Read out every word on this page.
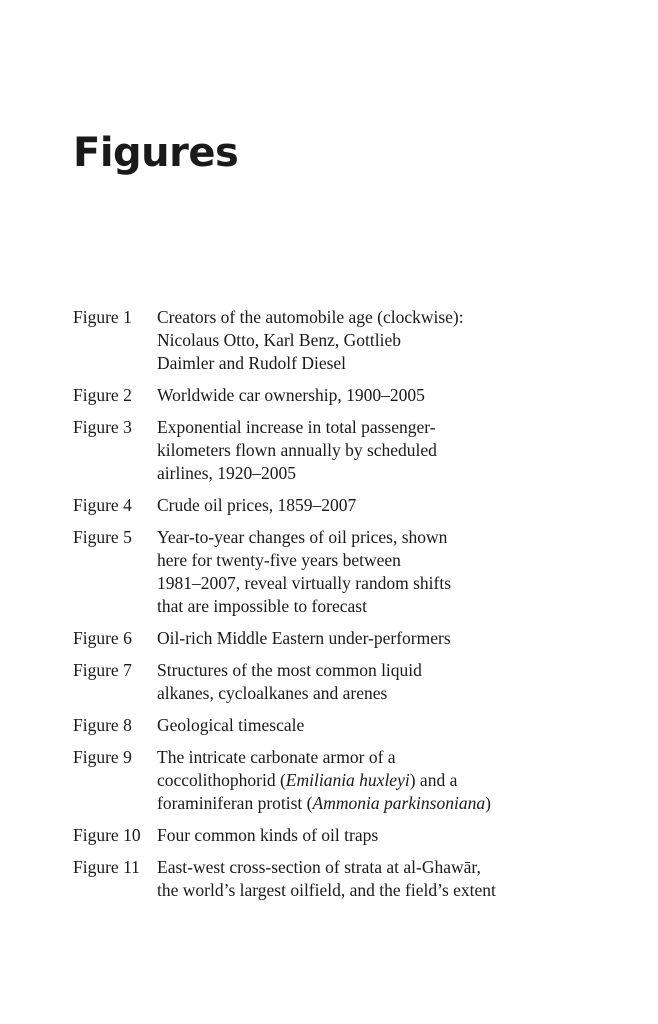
Figures
Figure 1	Creators of the automobile age (clockwise):
Nicolaus Otto, Karl Benz, Gottlieb
Daimler and Rudolf Diesel
Figure 2	Worldwide car ownership, 1900–2005
Figure 3	Exponential increase in total passenger-
kilometers flown annually by scheduled
airlines, 1920–2005
Figure 4	Crude oil prices, 1859–2007
Figure 5	Year-to-year changes of oil prices, shown
here for twenty-five years between
1981–2007, reveal virtually random shifts
that are impossible to forecast
Figure 6	Oil-rich Middle Eastern under-performers
Figure 7	Structures of the most common liquid
alkanes, cycloalkanes and arenes
Figure 8	Geological timescale
Figure 9	The intricate carbonate armor of a
coccolithophorid (Emiliania huxleyi) and a
foraminiferan protist (Ammonia parkinsoniana)
Figure 10 Four common kinds of oil traps
Figure 11 East-west cross-section of strata at al-Ghawār,
the world’s largest oilfield, and the field’s extent
